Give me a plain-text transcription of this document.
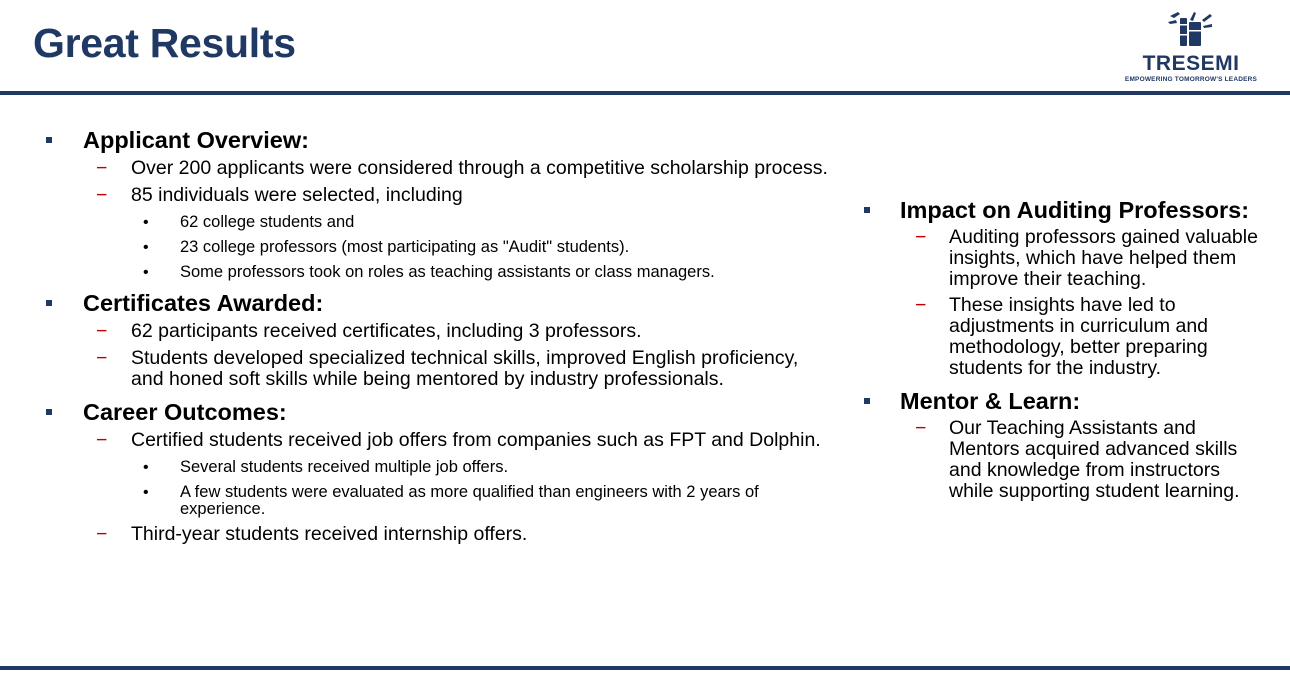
Great Results	TRESEMI
EMPOWERING TOMORROW'S LEADERS
Applicant Overview:
− Over 200 applicants were considered through a competitive scholarship process.
− 85 individuals were selected, including
• 62 college students and
• 23 college professors (most participating as "Audit" students).
• Some professors took on roles as teaching assistants or class managers.
Certificates Awarded:
− 62 participants received certificates, including 3 professors.
− Students developed specialized technical skills, improved English proficiency, and honed soft skills while being mentored by industry professionals.
Career Outcomes:
− Certified students received job offers from companies such as FPT and Dolphin.
• Several students received multiple job offers.
• A few students were evaluated as more qualified than engineers with 2 years of experience.
− Third-year students received internship offers.
Impact on Auditing Professors:
− Auditing professors gained valuable insights, which have helped them improve their teaching.
− These insights have led to adjustments in curriculum and methodology, better preparing students for the industry.
Mentor & Learn:
− Our Teaching Assistants and Mentors acquired advanced skills and knowledge from instructors while supporting student learning.
